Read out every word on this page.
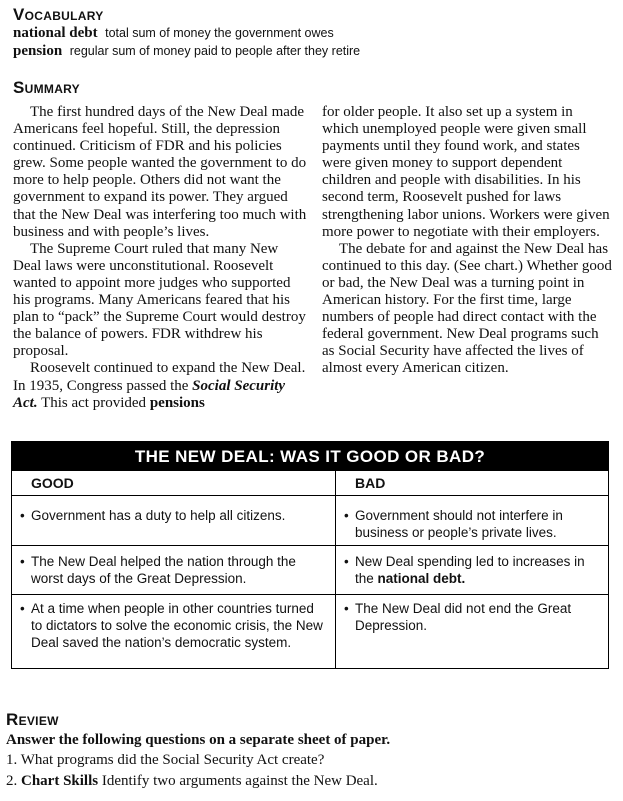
Vocabulary
national debt total sum of money the government owes
pension regular sum of money paid to people after they retire
Summary

The first hundred days of the New Deal made Americans feel hopeful. Still, the depression continued. Criticism of FDR and his policies grew. Some people wanted the government to do more to help people. Others did not want the government to expand its power. They argued that the New Deal was interfering too much with business and with people’s lives.

The Supreme Court ruled that many New Deal laws were unconstitutional. Roosevelt wanted to appoint more judges who supported his programs. Many Americans feared that his plan to “pack” the Supreme Court would destroy the balance of powers. FDR withdrew his proposal.

Roosevelt continued to expand the New Deal. In 1935, Congress passed the Social Security Act. This act provided pensions

for older people. It also set up a system in which unemployed people were given small payments until they found work, and states were given money to support dependent children and people with disabilities. In his second term, Roosevelt pushed for laws strengthening labor unions. Workers were given more power to negotiate with their employers.

The debate for and against the New Deal has continued to this day. (See chart.) Whether good or bad, the New Deal was a turning point in American history. For the first time, large numbers of people had direct contact with the federal government. New Deal programs such as Social Security have affected the lives of almost every American citizen.

THE NEW DEAL: WAS IT GOOD OR BAD?
GOOD	BAD
• Government has a duty to help all citizens.
• The New Deal helped the nation through the worst days of the Great Depression.
• At a time when people in other countries turned to dictators to solve the economic crisis, the New Deal saved the nation’s democratic system.
• Government should not interfere in business or people’s private lives.
• New Deal spending led to increases in the national debt.
• The New Deal did not end the Great Depression.
Review
Answer the following questions on a separate sheet of paper.
1. What programs did the Social Security Act create?
2. Chart Skills Identify two arguments against the New Deal.
